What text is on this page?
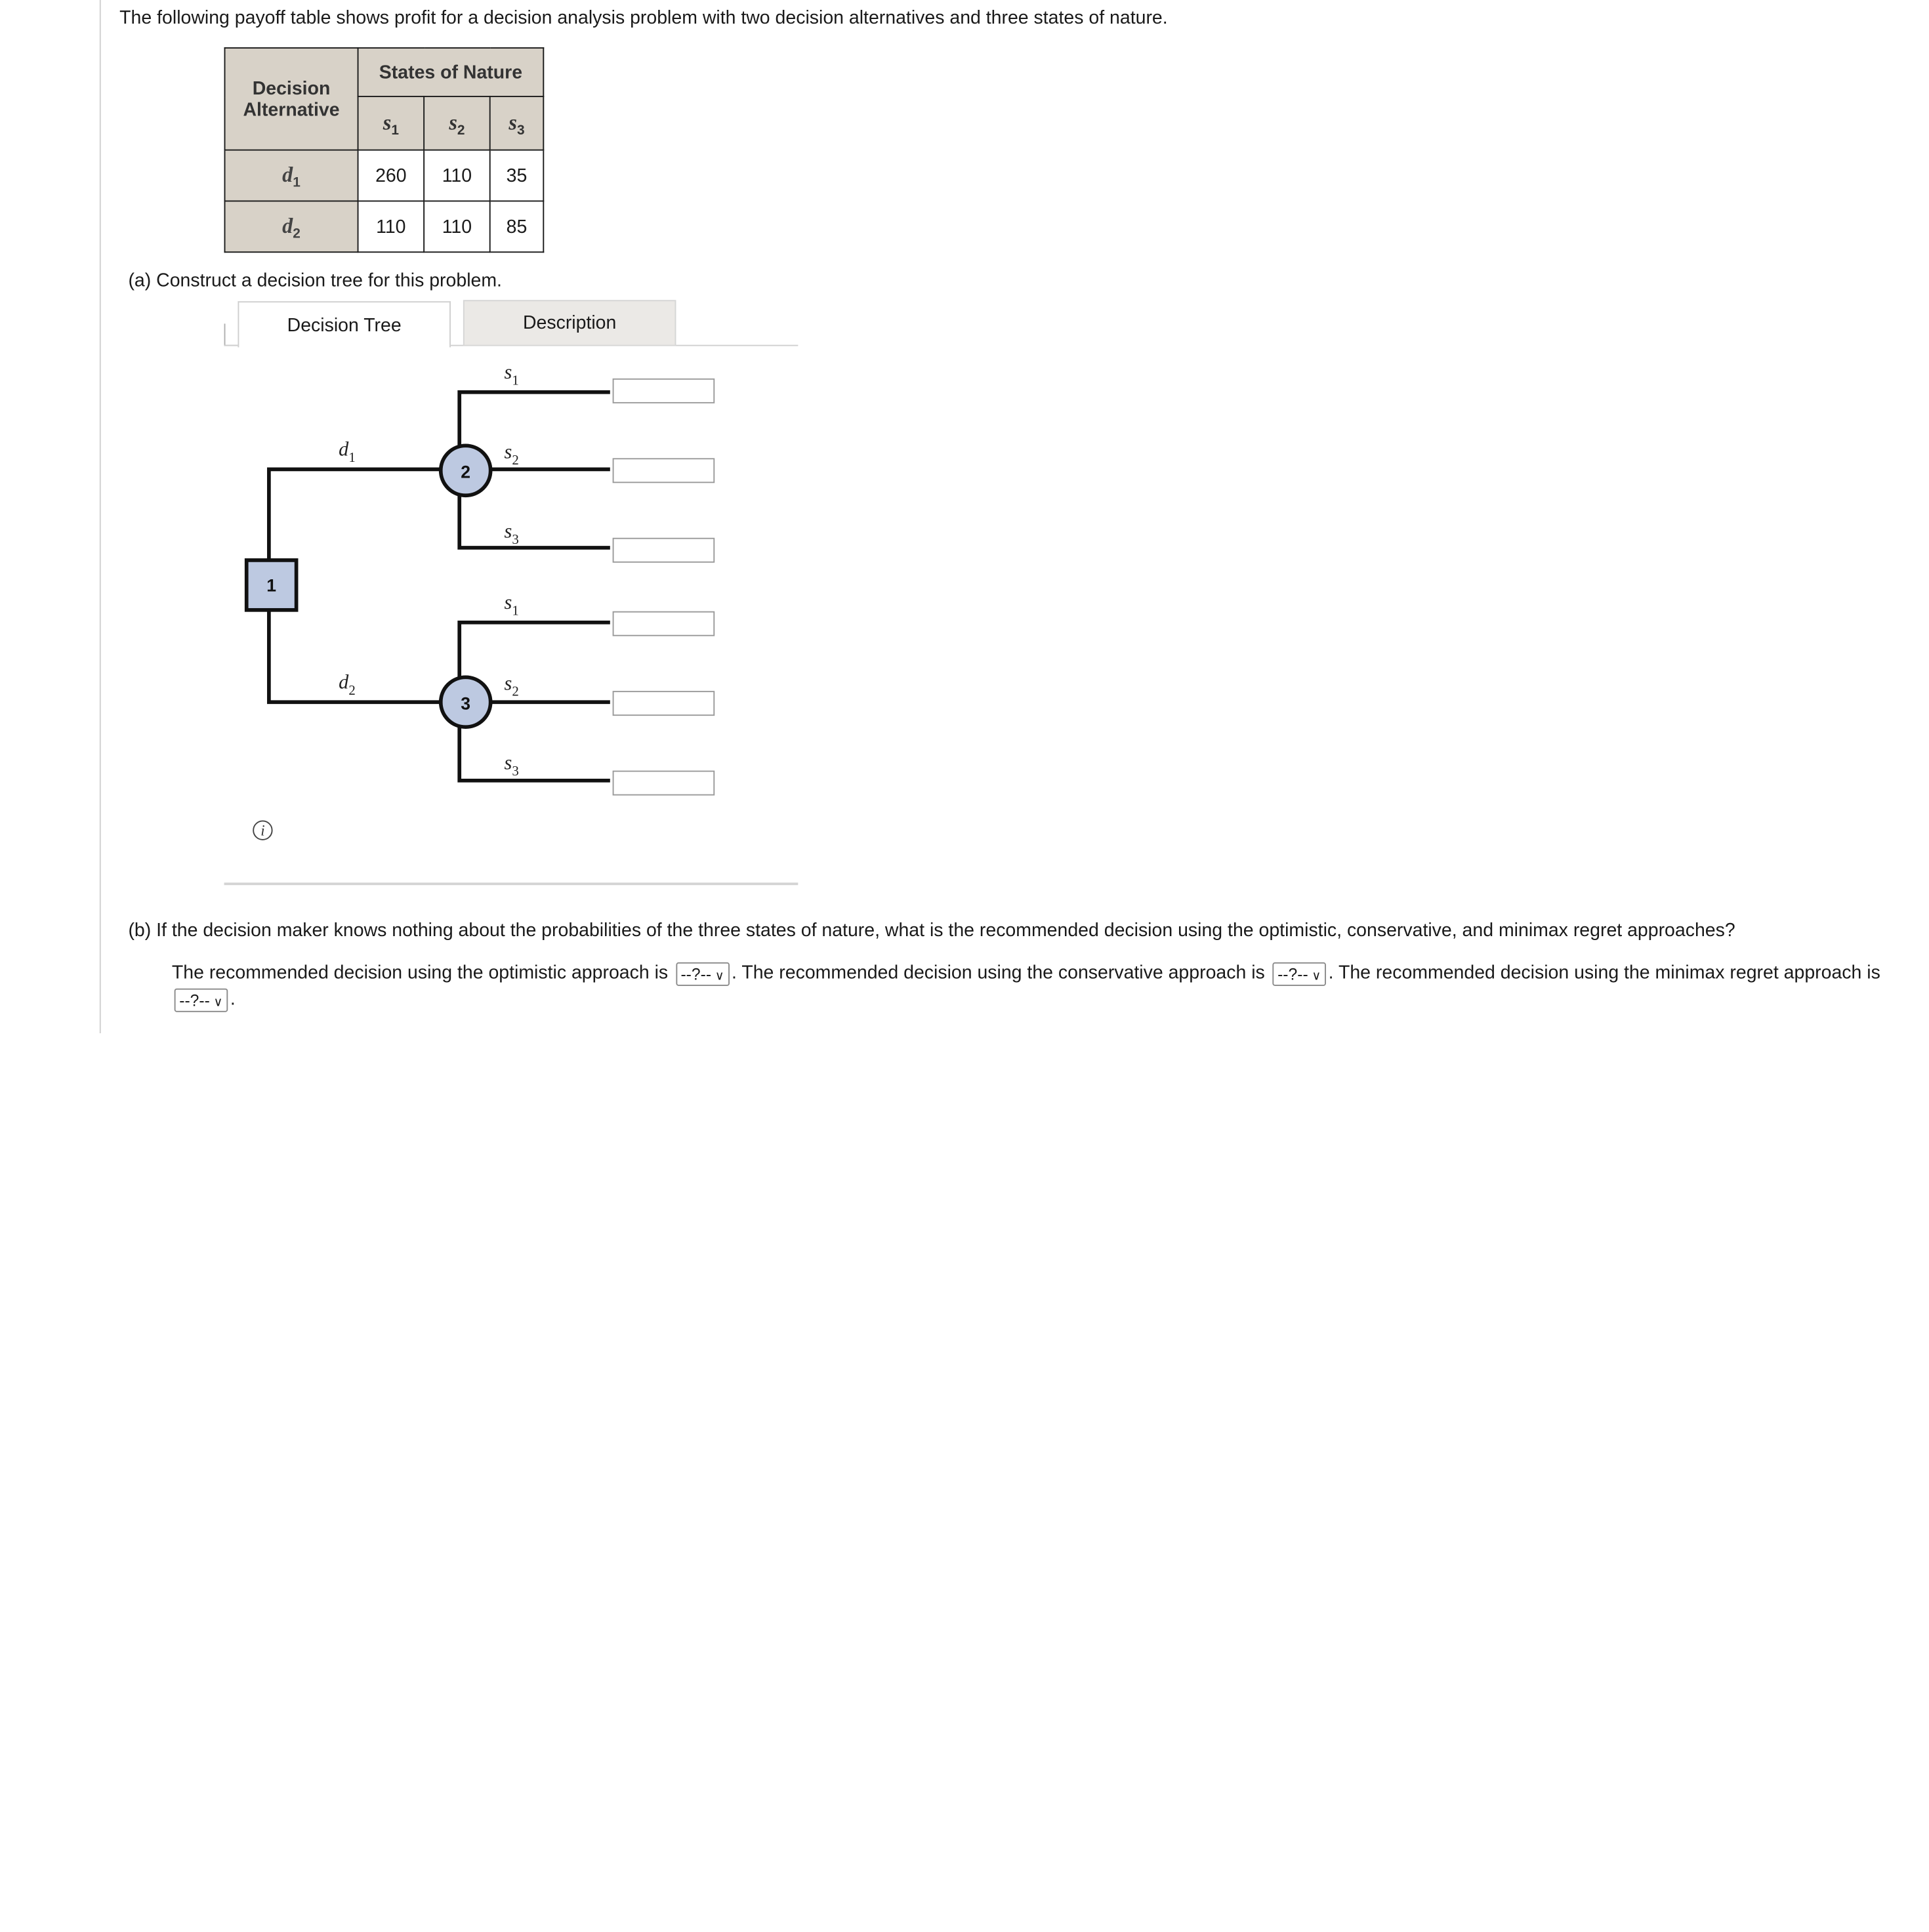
The following payoff table shows profit for a decision analysis problem with two decision alternatives and three states of nature.
Decision Alternative	States of Nature		
	$s_1$	$s_2$	$s_3$
$d_1$	260	110	35
$d_2$	110	110	85
(a) Construct a decision tree for this problem.
Decision Tree	Description
1
2
3
$d_1$
$d_2$
$s_1$
$s_2$
$s_3$
$s_1$
$s_2$
$s_3$
i
(b) If the decision maker knows nothing about the probabilities of the three states of nature, what is the recommended decision using the optimistic, conservative, and minimax regret approaches?
The recommended decision using the optimistic approach is --?-- ∨ . The recommended decision using the conservative approach is --?-- ∨ . The recommended decision using the minimax regret approach is --?-- ∨ .
